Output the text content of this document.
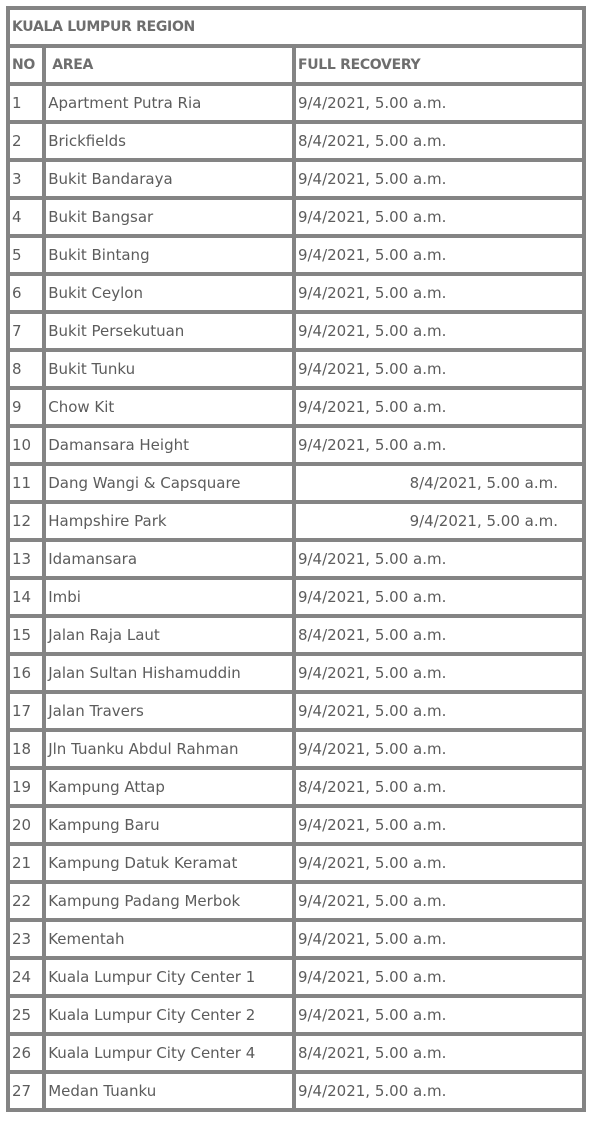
KUALA LUMPUR REGION		
NO	AREA	FULL RECOVERY
1	Apartment Putra Ria	9/4/2021, 5.00 a.m.
2	Brickfields	8/4/2021, 5.00 a.m.
3	Bukit Bandaraya	9/4/2021, 5.00 a.m.
4	Bukit Bangsar	9/4/2021, 5.00 a.m.
5	Bukit Bintang	9/4/2021, 5.00 a.m.
6	Bukit Ceylon	9/4/2021, 5.00 a.m.
7	Bukit Persekutuan	9/4/2021, 5.00 a.m.
8	Bukit Tunku	9/4/2021, 5.00 a.m.
9	Chow Kit	9/4/2021, 5.00 a.m.
10	Damansara Height	9/4/2021, 5.00 a.m.
11	Dang Wangi & Capsquare	8/4/2021, 5.00 a.m.
12	Hampshire Park	9/4/2021, 5.00 a.m.
13	Idamansara	9/4/2021, 5.00 a.m.
14	Imbi	9/4/2021, 5.00 a.m.
15	Jalan Raja Laut	8/4/2021, 5.00 a.m.
16	Jalan Sultan Hishamuddin	9/4/2021, 5.00 a.m.
17	Jalan Travers	9/4/2021, 5.00 a.m.
18	Jln Tuanku Abdul Rahman	9/4/2021, 5.00 a.m.
19	Kampung Attap	8/4/2021, 5.00 a.m.
20	Kampung Baru	9/4/2021, 5.00 a.m.
21	Kampung Datuk Keramat	9/4/2021, 5.00 a.m.
22	Kampung Padang Merbok	9/4/2021, 5.00 a.m.
23	Kementah	9/4/2021, 5.00 a.m.
24	Kuala Lumpur City Center 1	9/4/2021, 5.00 a.m.
25	Kuala Lumpur City Center 2	9/4/2021, 5.00 a.m.
26	Kuala Lumpur City Center 4	8/4/2021, 5.00 a.m.
27	Medan Tuanku	9/4/2021, 5.00 a.m.
